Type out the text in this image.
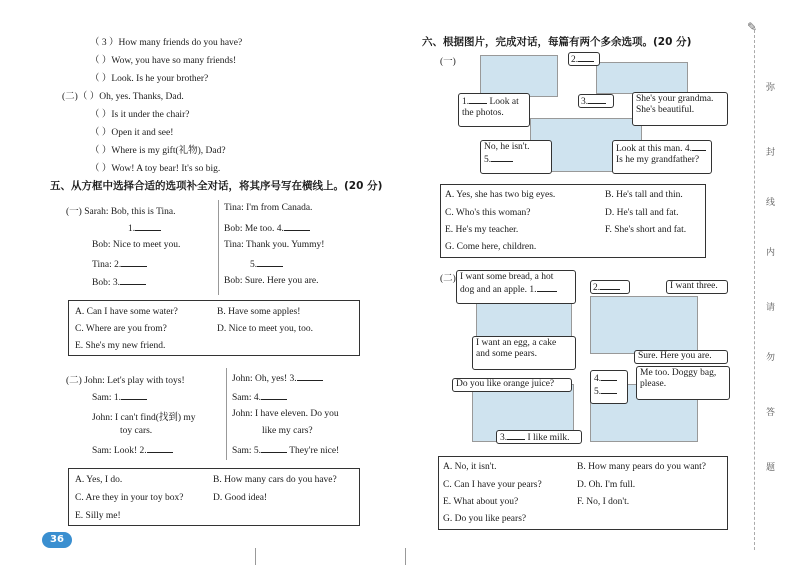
（ 3 ）How many friends do you have?
（ ）Wow, you have so many friends!
（ ）Look. Is he your brother?
(二)（ ）Oh, yes. Thanks, Dad.
（ ）Is it under the chair?
（ ）Open it and see!
（ ）Where is my gift(礼物), Dad?
（ ）Wow! A toy bear! It's so big.
五、从方框中选择合适的选项补全对话，将其序号写在横线上。(20 分)
(一) Sarah: Bob, this is Tina.
1.
Bob: Nice to meet you.
Tina: 2.
Bob: 3.
Tina: I'm from Canada.
Bob: Me too. 4.
Tina: Thank you. Yummy!
5.
Bob: Sure. Here you are.
A. Can I have some water?	B. Have some apples!
C. Where are you from?	D. Nice to meet you, too.
E. She's my new friend.
(二) John: Let's play with toys!
Sam: 1.
John: I can't find(找到) my
toy cars.
Sam: Look! 2.
John: Oh, yes! 3.
Sam: 4.
John: I have eleven. Do you
like my cars?
Sam: 5.	They're nice!
A. Yes, I do.	B. How many cars do you have?
C. Are they in your toy box?	D. Good idea!
E. Silly me!
36
六、根据图片，完成对话，每篇有两个多余选项。(20 分)
(一)	2.
1. Look at
the photos.
3.	She's your grandma.
She's beautiful.
No, he isn't.
5.
Look at this man. 4.
Is he my grandfather?
A. Yes, she has two big eyes.	B. He's tall and thin.
C. Who's this woman?	D. He's tall and fat.
E. He's my teacher.	F. She's short and fat.
G. Come here, children.
(二) I want some bread, a hot
dog and an apple. 1.	2.	I want three.
I want an egg, a cake
and some pears.	Sure. Here you are.
Me too. Doggy bag,
please.
Do you like orange juice?	4.
5.
3. I like milk.
A. No, it isn't.	B. How many pears do you want?
C. Can I have your pears?	D. Oh. I'm full.
E. What about you?	F. No, I don't.
G. Do you like pears?
✎
弥
封
线
内
请
勿
答
题
